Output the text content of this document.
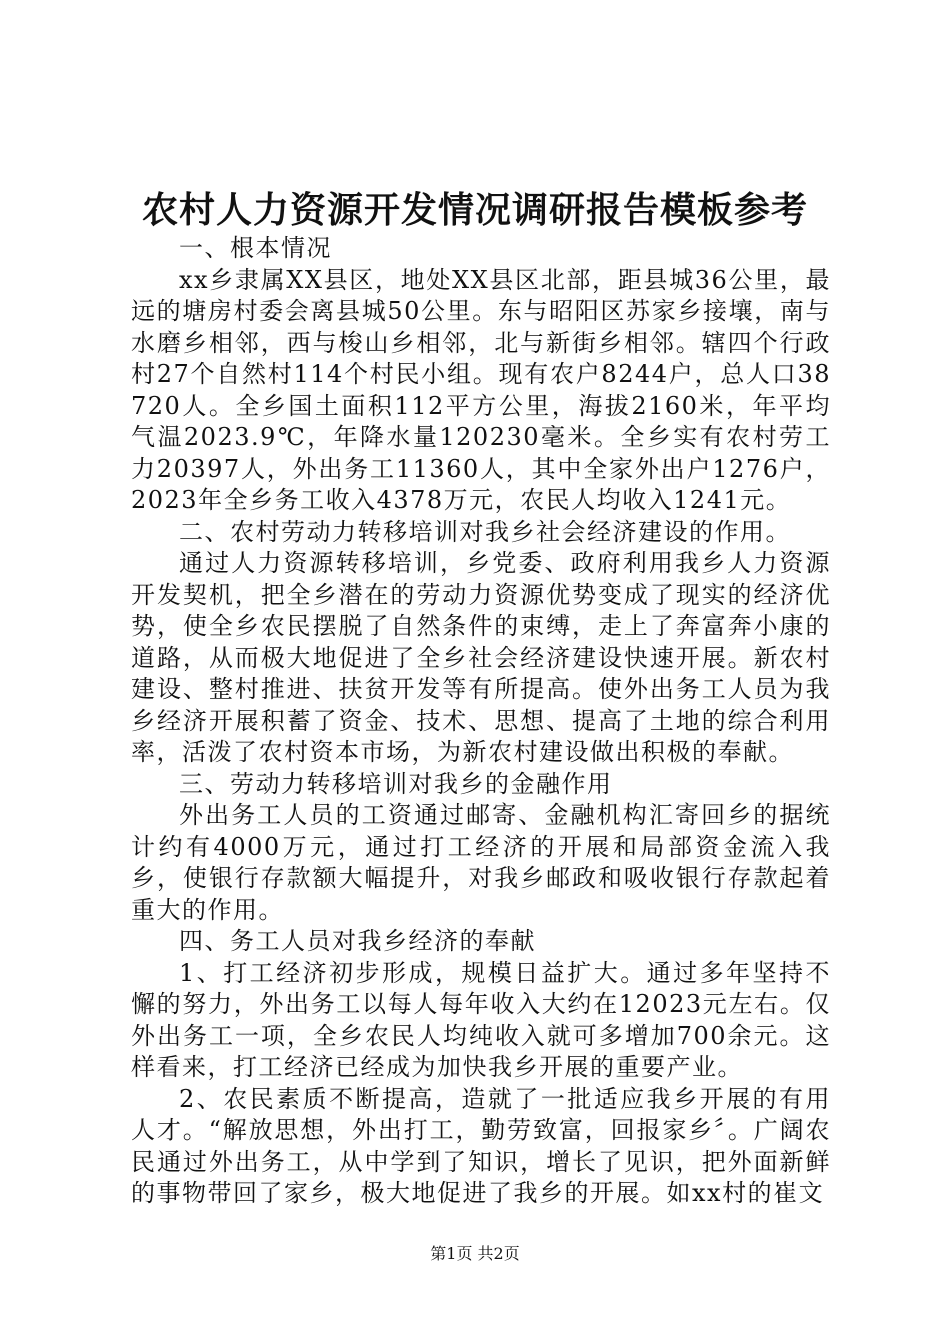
农村人力资源开发情况调研报告模板参考

一、根本情况

xx乡隶属XX县区，地处XX县区北部，距县城36公里，最远的塘房村委会离县城50公里。东与昭阳区苏家乡接壤，南与水磨乡相邻，西与梭山乡相邻，北与新街乡相邻。辖四个行政村27个自然村114个村民小组。现有农户8244户，总人口38720人。全乡国土面积112平方公里，海拔2160米，年平均气温2023.9℃，年降水量120230毫米。全乡实有农村劳工力20397人，外出务工11360人，其中全家外出户1276户，2023年全乡务工收入4378万元，农民人均收入1241元。

二、农村劳动力转移培训对我乡社会经济建设的作用。

通过人力资源转移培训，乡党委、政府利用我乡人力资源开发契机，把全乡潜在的劳动力资源优势变成了现实的经济优势，使全乡农民摆脱了自然条件的束缚，走上了奔富奔小康的道路，从而极大地促进了全乡社会经济建设快速开展。新农村建设、整村推进、扶贫开发等有所提高。使外出务工人员为我乡经济开展积蓄了资金、技术、思想、提高了土地的综合利用率，活泼了农村资本市场，为新农村建设做出积极的奉献。

三、劳动力转移培训对我乡的金融作用

外出务工人员的工资通过邮寄、金融机构汇寄回乡的据统计约有4000万元，通过打工经济的开展和局部资金流入我乡，使银行存款额大幅提升，对我乡邮政和吸收银行存款起着重大的作用。

四、务工人员对我乡经济的奉献

1、打工经济初步形成，规模日益扩大。通过多年坚持不懈的努力，外出务工以每人每年收入大约在12023元左右。仅外出务工一项，全乡农民人均纯收入就可多增加700余元。这样看来，打工经济已经成为加快我乡开展的重要产业。

2、农民素质不断提高，造就了一批适应我乡开展的有用人才。“解放思想，外出打工，勤劳致富，回报家乡〞。广阔农民通过外出务工，从中学到了知识，增长了见识，把外面新鲜的事物带回了家乡，极大地促进了我乡的开展。如xx村的崔文

第1页 共2页
